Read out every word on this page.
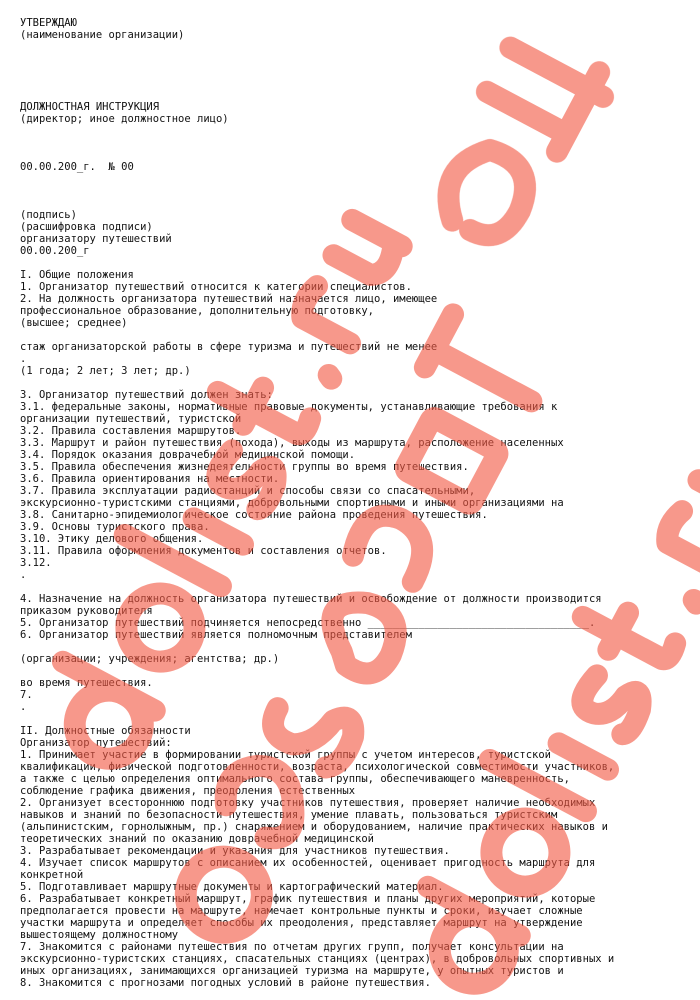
УТВЕРЖДАЮ
(наименование организации)
ДОЛЖНОСТНАЯ ИНСТРУКЦИЯ
(директор; иное должностное лицо)
00.00.200_г.  № 00
(подпись)
(расшифровка подписи)
организатору путешествий
00.00.200_г
I. Общие положения
1. Организатор путешествий относится к категории специалистов.
2. На должность организатора путешествий назначается лицо, имеющее
профессиональное образование, дополнительную подготовку,
(высшее; среднее)
стаж организаторской работы в сфере туризма и путешествий не менее
.
(1 года; 2 лет; 3 лет; др.)
3. Организатор путешествий должен знать:
3.1. федеральные законы, нормативные правовые документы, устанавливающие требования к
организации путешествий, туристской
3.2. Правила составления маршрутов.
3.3. Маршрут и район путешествия (похода), выходы из маршрута, расположение населенных
3.4. Порядок оказания доврачебной медицинской помощи.
3.5. Правила обеспечения жизнедеятельности группы во время путешествия.
3.6. Правила ориентирования на местности.
3.7. Правила эксплуатации радиостанций и способы связи со спасательными,
экскурсионно-туристскими станциями, добровольными спортивными и иными организациями на
3.8. Санитарно-эпидемиологическое состояние района проведения путешествия.
3.9. Основы туристского права.
3.10. Этику делового общения.
3.11. Правила оформления документов и составления отчетов.
3.12.
.
4. Назначение на должность организатора путешествий и освобождение от должности производится
приказом руководителя
5. Организатор путешествий подчиняется непосредственно ___________________________________.
6. Организатор путешествий является полномочным представителем
(организации; учреждения; агентства; др.)
во время путешествия.
7.
.
II. Должностные обязанности
Организатор путешествий:
1. Принимает участие в формировании туристской группы с учетом интересов, туристской
квалификации, физической подготовленности, возраста, психологической совместимости участников,
а также с целью определения оптимального состава группы, обеспечивающего маневренность,
соблюдение графика движения, преодоления естественных
2. Организует всестороннюю подготовку участников путешествия, проверяет наличие необходимых
навыков и знаний по безопасности путешествия, умение плавать, пользоваться туристским
(альпинистским, горнолыжным, пр.) снаряжением и оборудованием, наличие практических навыков и
теоретических знаний по оказанию доврачебной медицинской
3. Разрабатывает рекомендации и указания для участников путешествия.
4. Изучает список маршрутов с описанием их особенностей, оценивает пригодность маршрута для
конкретной
5. Подготавливает маршрутные документы и картографический материал.
6. Разрабатывает конкретный маршрут, график путешествия и планы других мероприятий, которые
предполагается провести на маршруте, намечает контрольные пункты и сроки, изучает сложные
участки маршрута и определяет способы их преодоления, представляет маршрут на утверждение
вышестоящему должностному
7. Знакомится с районами путешествия по отчетам других групп, получает консультации на
экскурсионно-туристских станциях, спасательных станциях (центрах), в добровольных спортивных и
иных организациях, занимающихся организацией туризма на маршруте, у опытных туристов и
8. Знакомится с прогнозами погодных условий в районе путешествия.
